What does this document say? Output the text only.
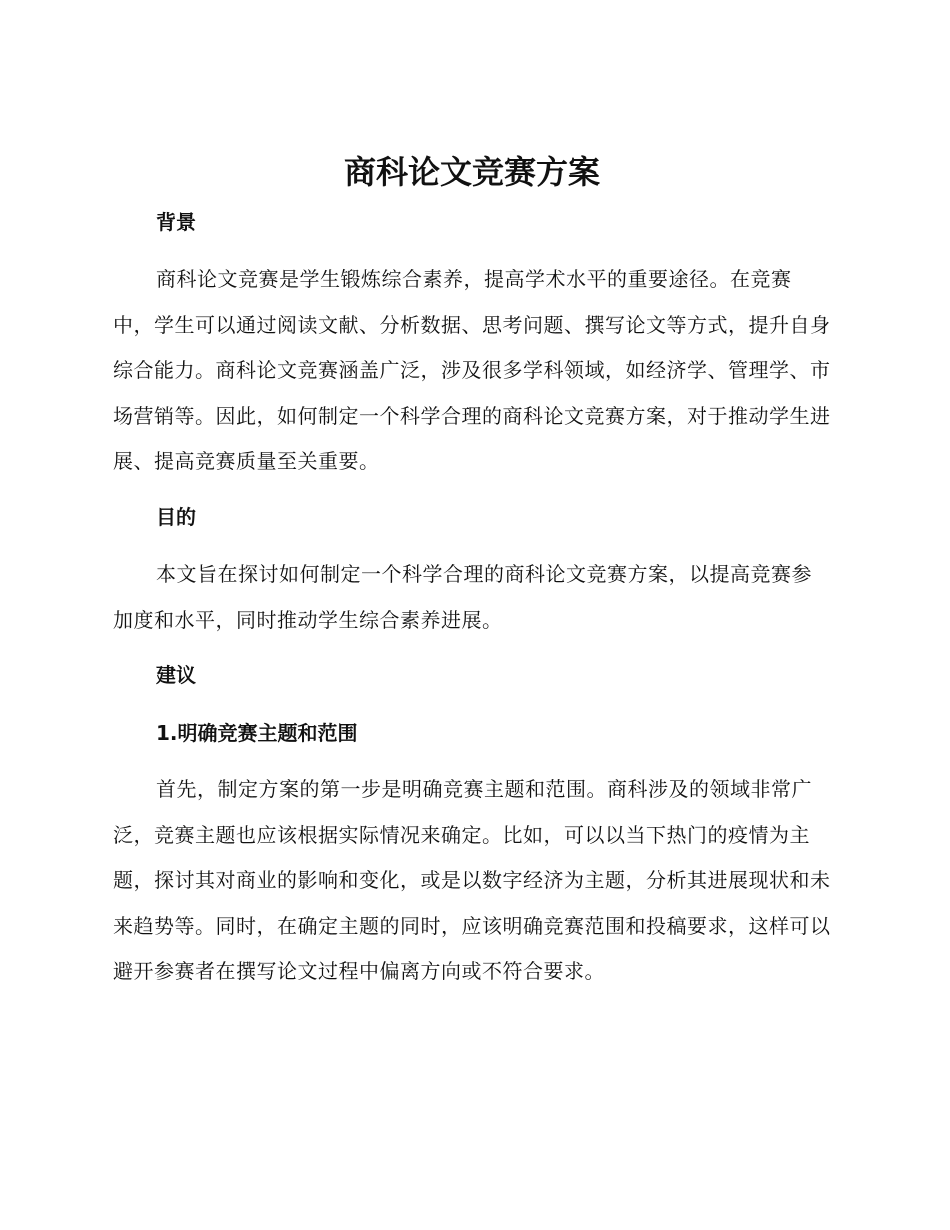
商科论文竞赛方案
背景

商科论文竞赛是学生锻炼综合素养，提高学术水平的重要途径。在竞赛中，学生可以通过阅读文献、分析数据、思考问题、撰写论文等方式，提升自身综合能力。商科论文竞赛涵盖广泛，涉及很多学科领域，如经济学、管理学、市场营销等。因此，如何制定一个科学合理的商科论文竞赛方案，对于推动学生进展、提高竞赛质量至关重要。

目的

本文旨在探讨如何制定一个科学合理的商科论文竞赛方案，以提高竞赛参加度和水平，同时推动学生综合素养进展。

建议
1.明确竞赛主题和范围

首先，制定方案的第一步是明确竞赛主题和范围。商科涉及的领域非常广泛，竞赛主题也应该根据实际情况来确定。比如，可以以当下热门的疫情为主题，探讨其对商业的影响和变化，或是以数字经济为主题，分析其进展现状和未来趋势等。同时，在确定主题的同时，应该明确竞赛范围和投稿要求，这样可以避开参赛者在撰写论文过程中偏离方向或不符合要求。
